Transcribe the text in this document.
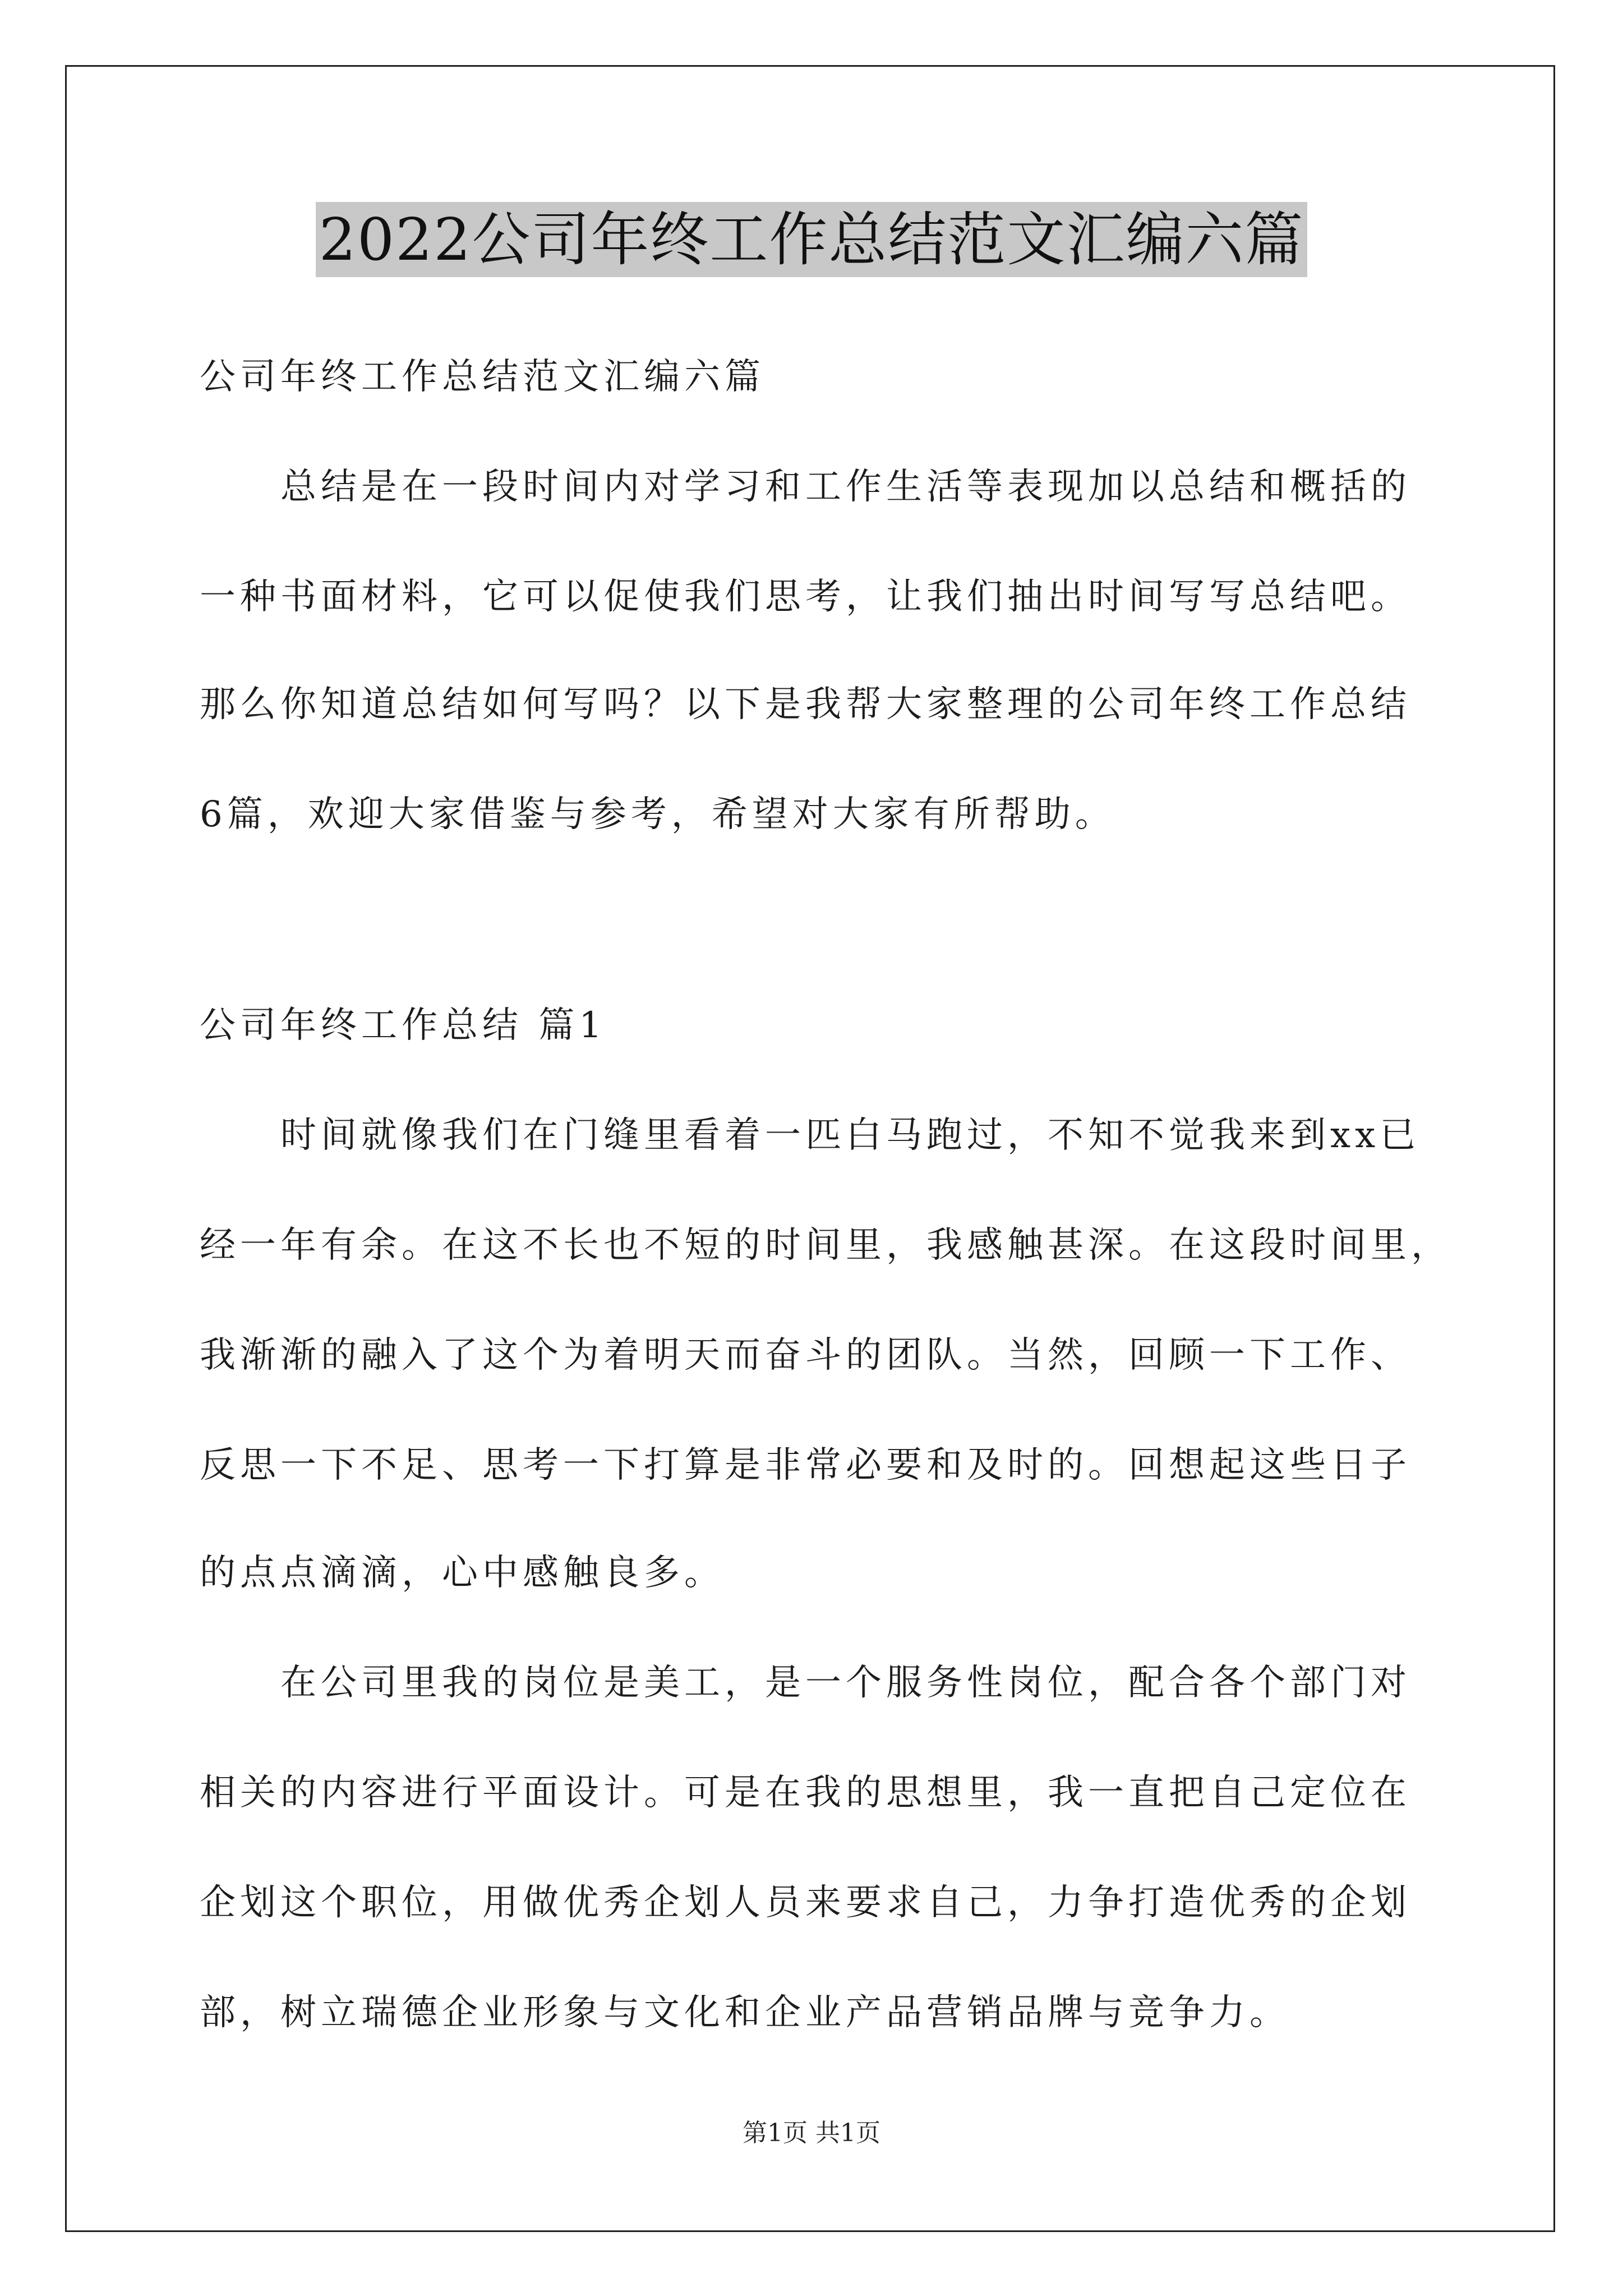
2022公司年终工作总结范文汇编六篇
公司年终工作总结范文汇编六篇
总结是在一段时间内对学习和工作生活等表现加以总结和概括的
一种书面材料，它可以促使我们思考，让我们抽出时间写写总结吧。
那么你知道总结如何写吗？以下是我帮大家整理的公司年终工作总结
6篇，欢迎大家借鉴与参考，希望对大家有所帮助。
公司年终工作总结 篇1
时间就像我们在门缝里看着一匹白马跑过，不知不觉我来到xx已
经一年有余。在这不长也不短的时间里，我感触甚深。在这段时间里，
我渐渐的融入了这个为着明天而奋斗的团队。当然，回顾一下工作、
反思一下不足、思考一下打算是非常必要和及时的。回想起这些日子
的点点滴滴，心中感触良多。
在公司里我的岗位是美工，是一个服务性岗位，配合各个部门对
相关的内容进行平面设计。可是在我的思想里，我一直把自己定位在
企划这个职位，用做优秀企划人员来要求自己，力争打造优秀的企划
部，树立瑞德企业形象与文化和企业产品营销品牌与竞争力。
第1页 共1页
